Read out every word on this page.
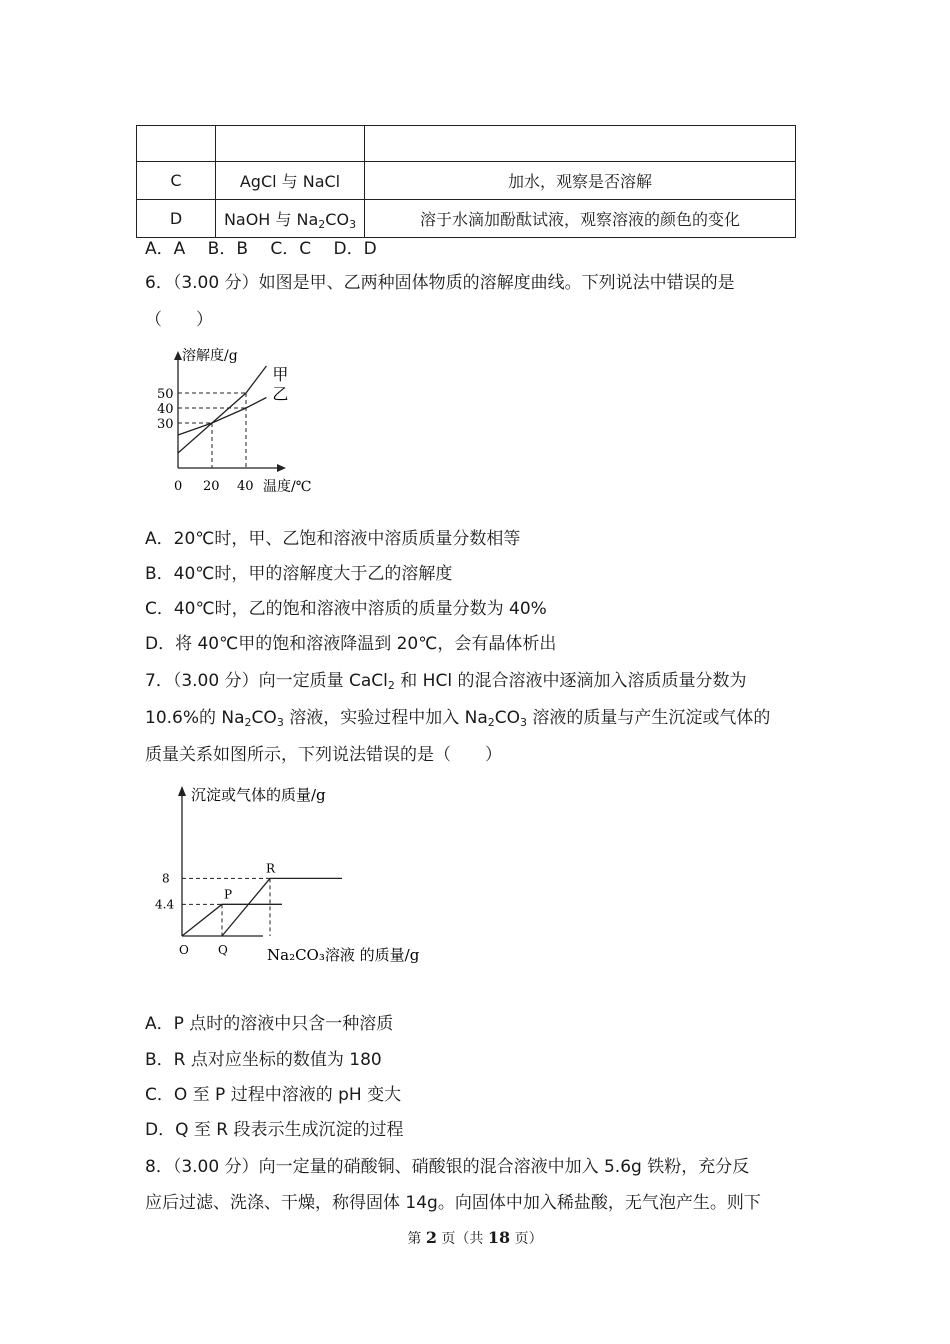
C	AgCl 与 NaCl	加水，观察是否溶解
D	NaOH 与 $Na_2CO_3$	溶于水滴加酚酞试液，观察溶液的颜色的变化
A．A　 B．B　 C．C　 D．D
6．（3.00 分）如图是甲、乙两种固体物质的溶解度曲线。下列说法中错误的是
（　　）
甲
乙
30
40
50
0 20 40
溶解度/g
温度/℃
A．20℃时，甲、乙饱和溶液中溶质质量分数相等
B．40℃时，甲的溶解度大于乙的溶解度
C．40℃时，乙的饱和溶液中溶质的质量分数为 40%
D．将 40℃甲的饱和溶液降温到 20℃，会有晶体析出
7．（3.00 分）向一定质量 CaCl$_2$ 和 HCl 的混合溶液中逐滴加入溶质质量分数为
10.6%的 $Na_2CO_3$ 溶液，实验过程中加入 $Na_2CO_3$ 溶液的质量与产生沉淀或气体的
质量关系如图所示，下列说法错误的是（　　）
4.4
8
O Q
P
R
沉淀或气体的质量/g
Na₂CO₃溶液 的质量/g
A．P 点时的溶液中只含一种溶质
B．R 点对应坐标的数值为 180
C．O 至 P 过程中溶液的 pH 变大
D．Q 至 R 段表示生成沉淀的过程
8．（3.00 分）向一定量的硝酸铜、硝酸银的混合溶液中加入 5.6g 铁粉，充分反
应后过滤、洗涤、干燥，称得固体 14g。向固体中加入稀盐酸，无气泡产生。则下
第 2 页（共 18 页）
